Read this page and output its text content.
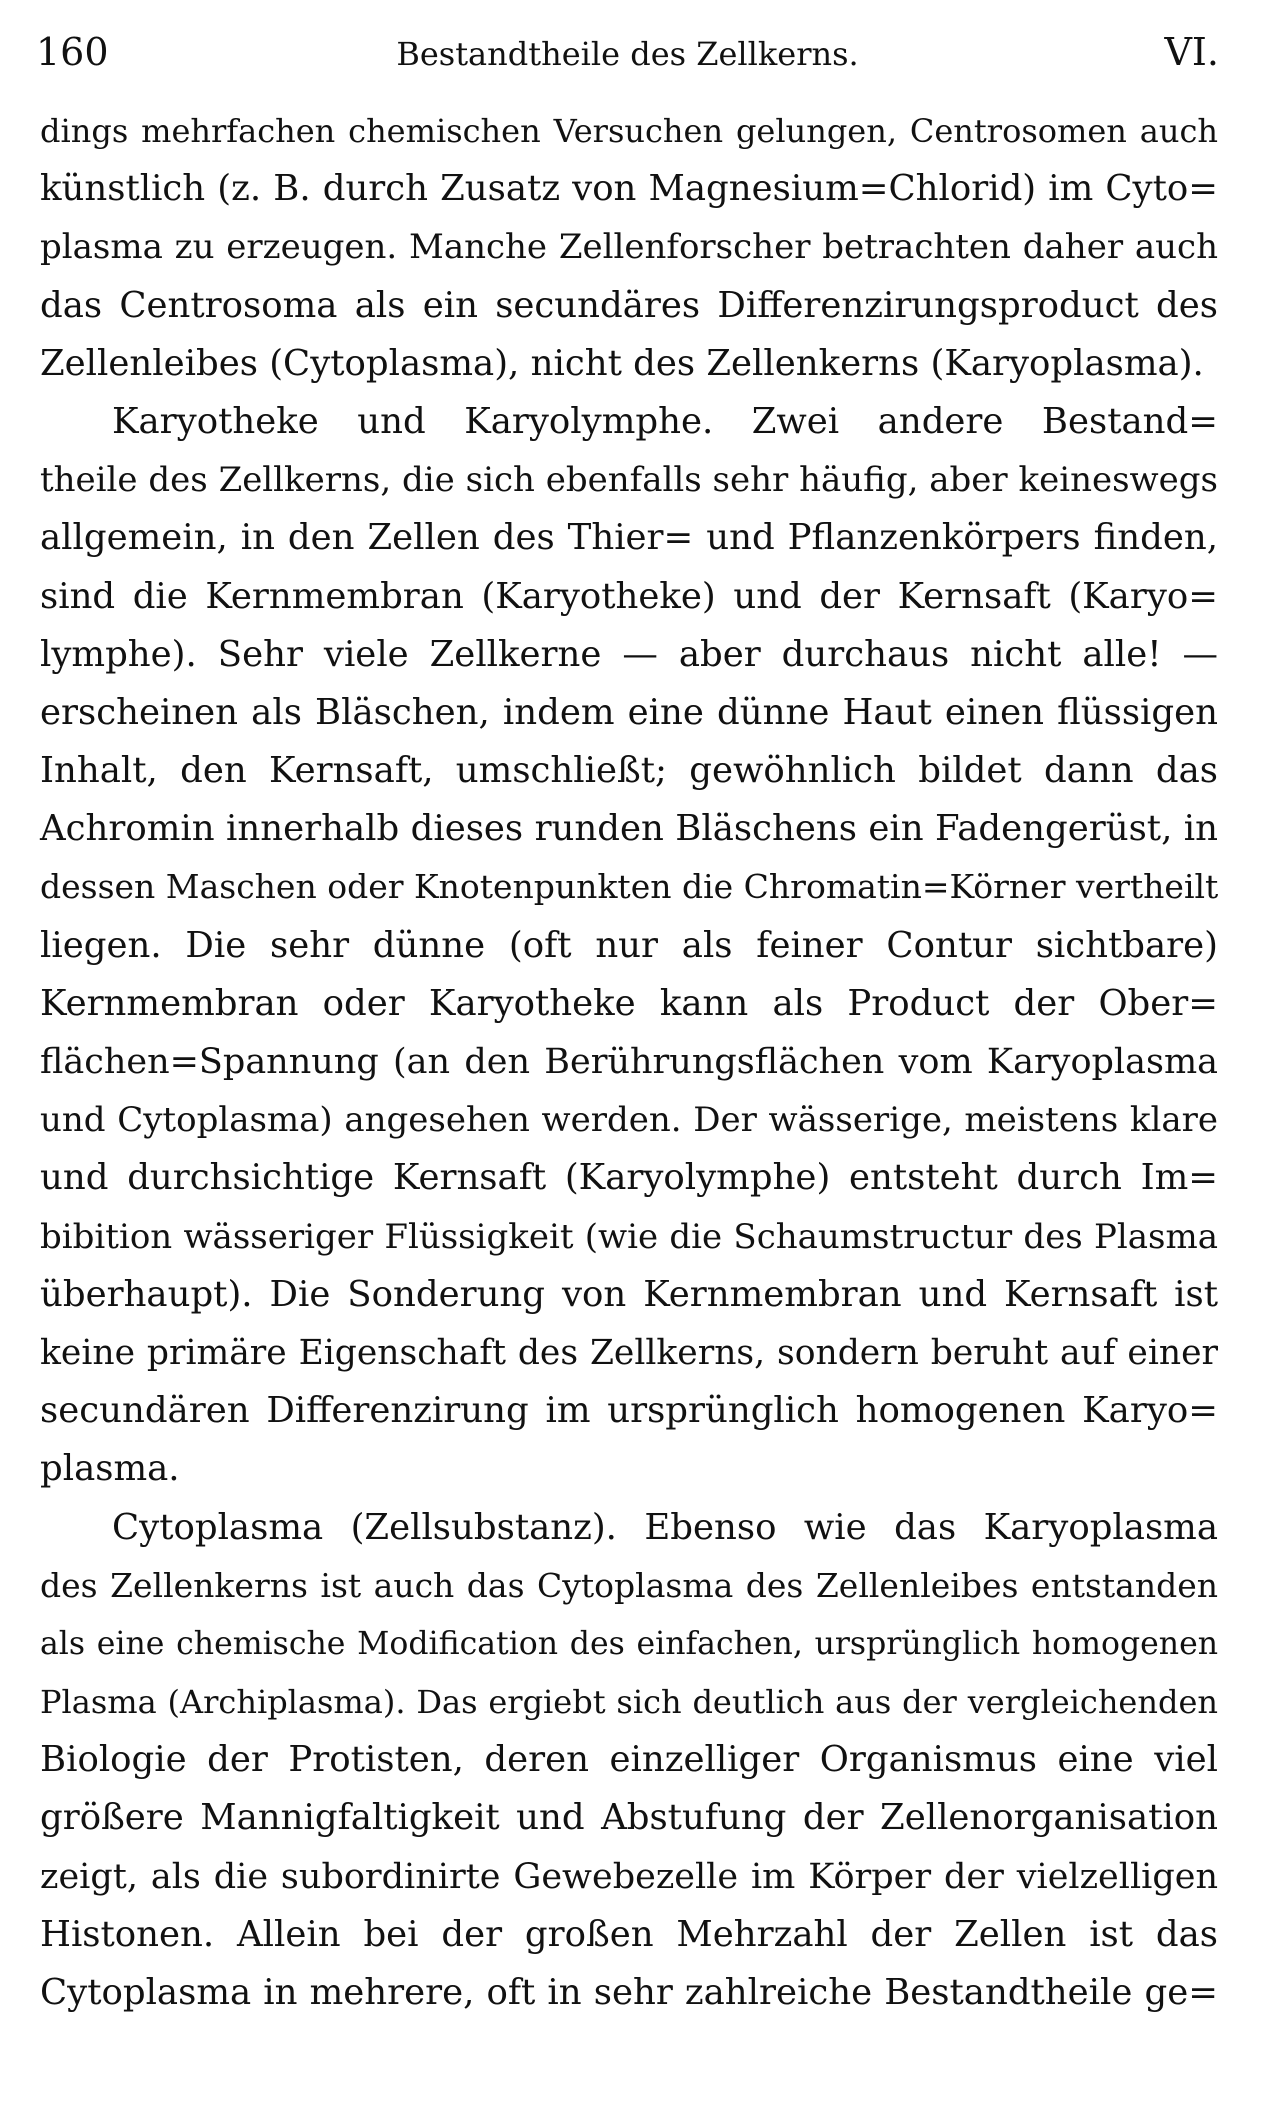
160	Bestandtheile des Zellkerns.	VI.
dings mehrfachen chemischen Versuchen gelungen, Centrosomen auch
künstlich (z. B. durch Zusatz von Magnesium=Chlorid) im Cyto=
plasma zu erzeugen. Manche Zellenforscher betrachten daher auch
das Centrosoma als ein secundäres Differenzirungsproduct des
Zellenleibes (Cytoplasma), nicht des Zellenkerns (Karyoplasma).
Karyotheke und Karyolymphe. Zwei andere Bestand=
theile des Zellkerns, die sich ebenfalls sehr häufig, aber keineswegs
allgemein, in den Zellen des Thier= und Pflanzenkörpers finden,
sind die Kernmembran (Karyotheke) und der Kernsaft (Karyo=
lymphe). Sehr viele Zellkerne — aber durchaus nicht alle! —
erscheinen als Bläschen, indem eine dünne Haut einen flüssigen
Inhalt, den Kernsaft, umschließt; gewöhnlich bildet dann das
Achromin innerhalb dieses runden Bläschens ein Fadengerüst, in
dessen Maschen oder Knotenpunkten die Chromatin=Körner vertheilt
liegen. Die sehr dünne (oft nur als feiner Contur sichtbare)
Kernmembran oder Karyotheke kann als Product der Ober=
flächen=Spannung (an den Berührungsflächen vom Karyoplasma
und Cytoplasma) angesehen werden. Der wässerige, meistens klare
und durchsichtige Kernsaft (Karyolymphe) entsteht durch Im=
bibition wässeriger Flüssigkeit (wie die Schaumstructur des Plasma
überhaupt). Die Sonderung von Kernmembran und Kernsaft ist
keine primäre Eigenschaft des Zellkerns, sondern beruht auf einer
secundären Differenzirung im ursprünglich homogenen Karyo=
plasma.
Cytoplasma (Zellsubstanz). Ebenso wie das Karyoplasma
des Zellenkerns ist auch das Cytoplasma des Zellenleibes entstanden
als eine chemische Modification des einfachen, ursprünglich homogenen
Plasma (Archiplasma). Das ergiebt sich deutlich aus der vergleichenden
Biologie der Protisten, deren einzelliger Organismus eine viel
größere Mannigfaltigkeit und Abstufung der Zellenorganisation
zeigt, als die subordinirte Gewebezelle im Körper der vielzelligen
Histonen. Allein bei der großen Mehrzahl der Zellen ist das
Cytoplasma in mehrere, oft in sehr zahlreiche Bestandtheile ge=
